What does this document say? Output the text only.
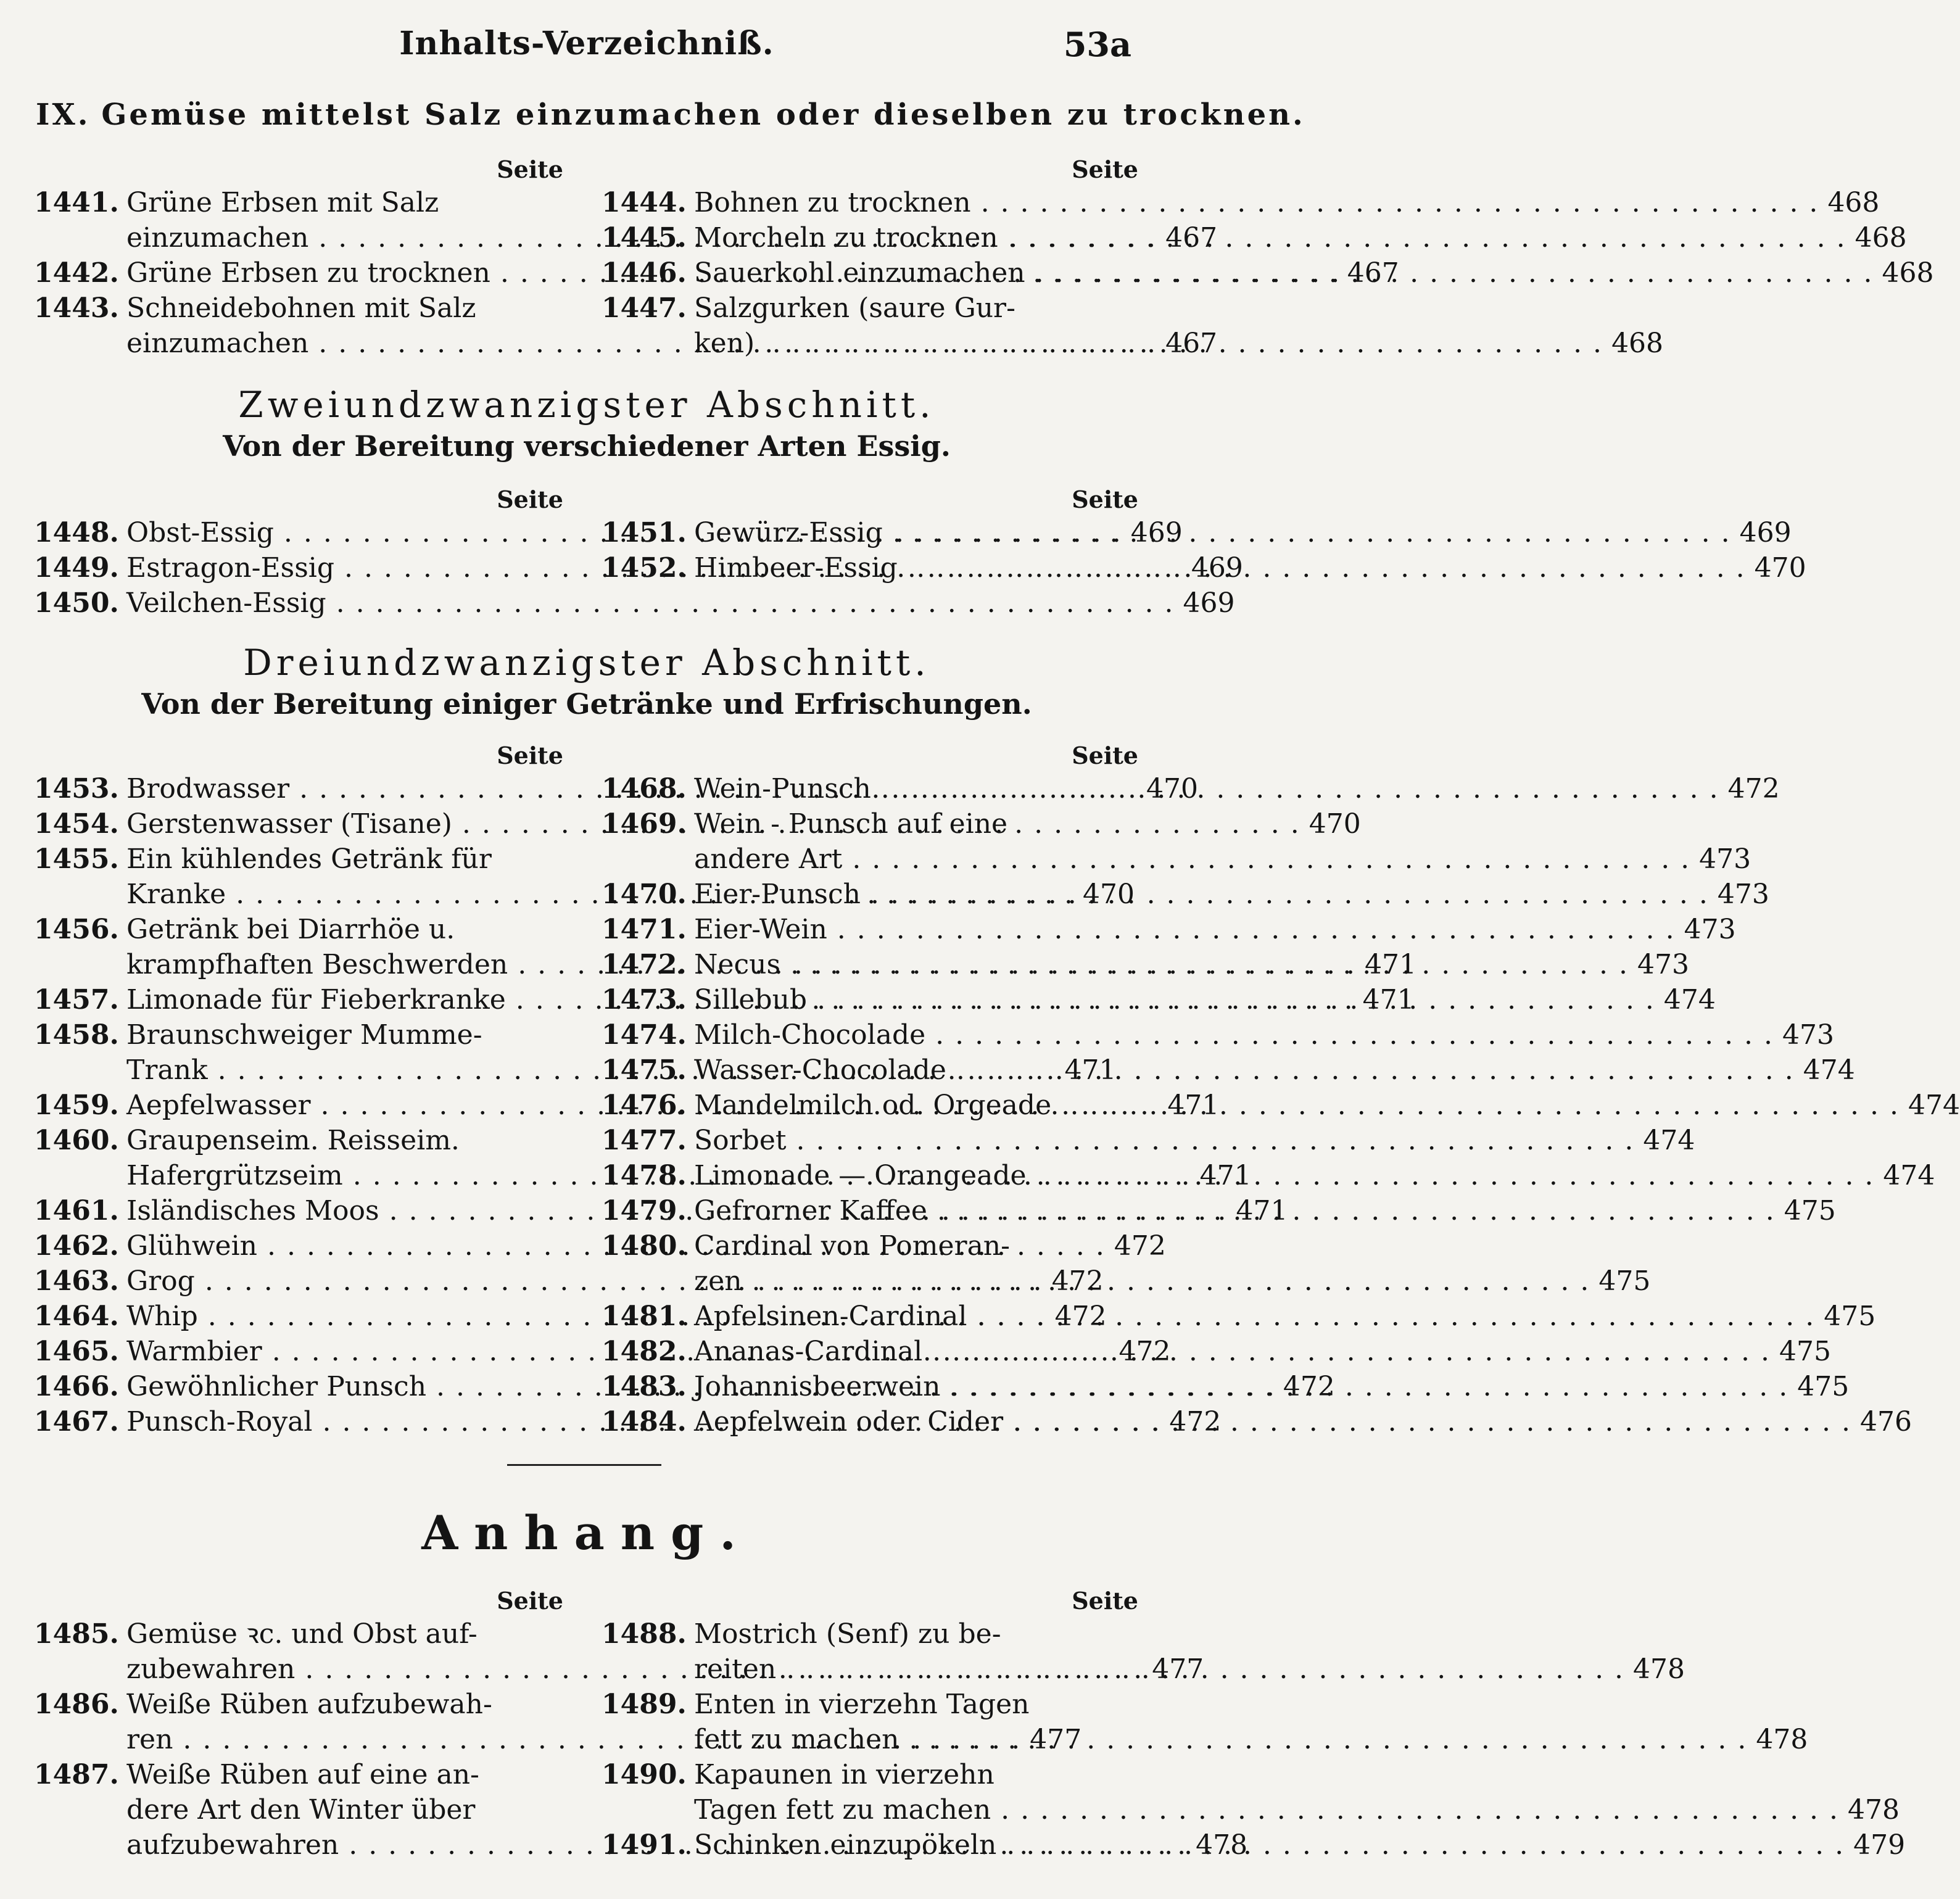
Inhalts-Verzeichniß.	53a
IX. Gemüse mittelst Salz einzumachen oder dieselben zu trocknen.
Seite
1441. Grüne Erbsen mit Salz
einzumachen . . .	467
1442. Grüne Erbsen zu trocknen . . .	467
1443. Schneidebohnen mit Salz
einzumachen . . .	467
Seite
1444. Bohnen zu trocknen . . .	468
1445. Morcheln zu trocknen . . .	468
1446. Sauerkohl einzumachen . . .	468
1447. Salzgurken (saure Gur-
ken) . . .	468
Zweiundzwanzigster Abschnitt.
Von der Bereitung verschiedener Arten Essig.
Seite
1448. Obst-Essig . . .	469
1449. Estragon-Essig . . .	469
1450. Veilchen-Essig . . .	469
Seite
1451. Gewürz-Essig . . .	469
1452. Himbeer-Essig . . .	470
Dreiundzwanzigster Abschnitt.
Von der Bereitung einiger Getränke und Erfrischungen.
Seite
1453. Brodwasser . . .	470
1454. Gerstenwasser (Tisane) . . .	470
1455. Ein kühlendes Getränk für
Kranke . . .	470
1456. Getränk bei Diarrhöe u.
krampfhaften Beschwerden . . .	471
1457. Limonade für Fieberkranke . . .	471
1458. Braunschweiger Mumme-
Trank . . .	471
1459. Aepfelwasser . . .	471
1460. Graupenseim. Reisseim.
Hafergrützseim . . .	471
1461. Isländisches Moos . . .	471
1462. Glühwein . . .	472
1463. Grog . . .	472
1464. Whip . . .	472
1465. Warmbier . . .	472
1466. Gewöhnlicher Punsch . . .	472
1467. Punsch-Royal . . .	472
Seite
1468. Wein-Punsch . . .	472
1469. Wein - Punsch auf eine
andere Art . . .	473
1470. Eier-Punsch . . .	473
1471. Eier-Wein . . .	473
1472. Necus . . .	473
1473. Sillebub . . .	474
1474. Milch-Chocolade . . .	473
1475. Wasser-Chocolade . . .	474
1476. Mandelmilch od. Orgeade . . .	474
1477. Sorbet . . .	474
1478. Limonade — Orangeade . . .	474
1479. Gefrorner Kaffee . . .	475
1480. Cardinal von Pomeran-
zen . . .	475
1481. Apfelsinen-Cardinal . . .	475
1482. Ananas-Cardinal . . .	475
1483. Johannisbeerwein . . .	475
1484. Aepfelwein oder Cider . . .	476
Anhang.
Seite
1485. Gemüse ꝛc. und Obst auf-
zubewahren . . .	477
1486. Weiße Rüben aufzubewah-
ren . . .	477
1487. Weiße Rüben auf eine an-
dere Art den Winter über
aufzubewahren . . .	478
Seite
1488. Mostrich (Senf) zu be-
reiten . . .	478
1489. Enten in vierzehn Tagen
fett zu machen . . .	478
1490. Kapaunen in vierzehn
Tagen fett zu machen . . .	478
1491. Schinken einzupökeln . . .	479
